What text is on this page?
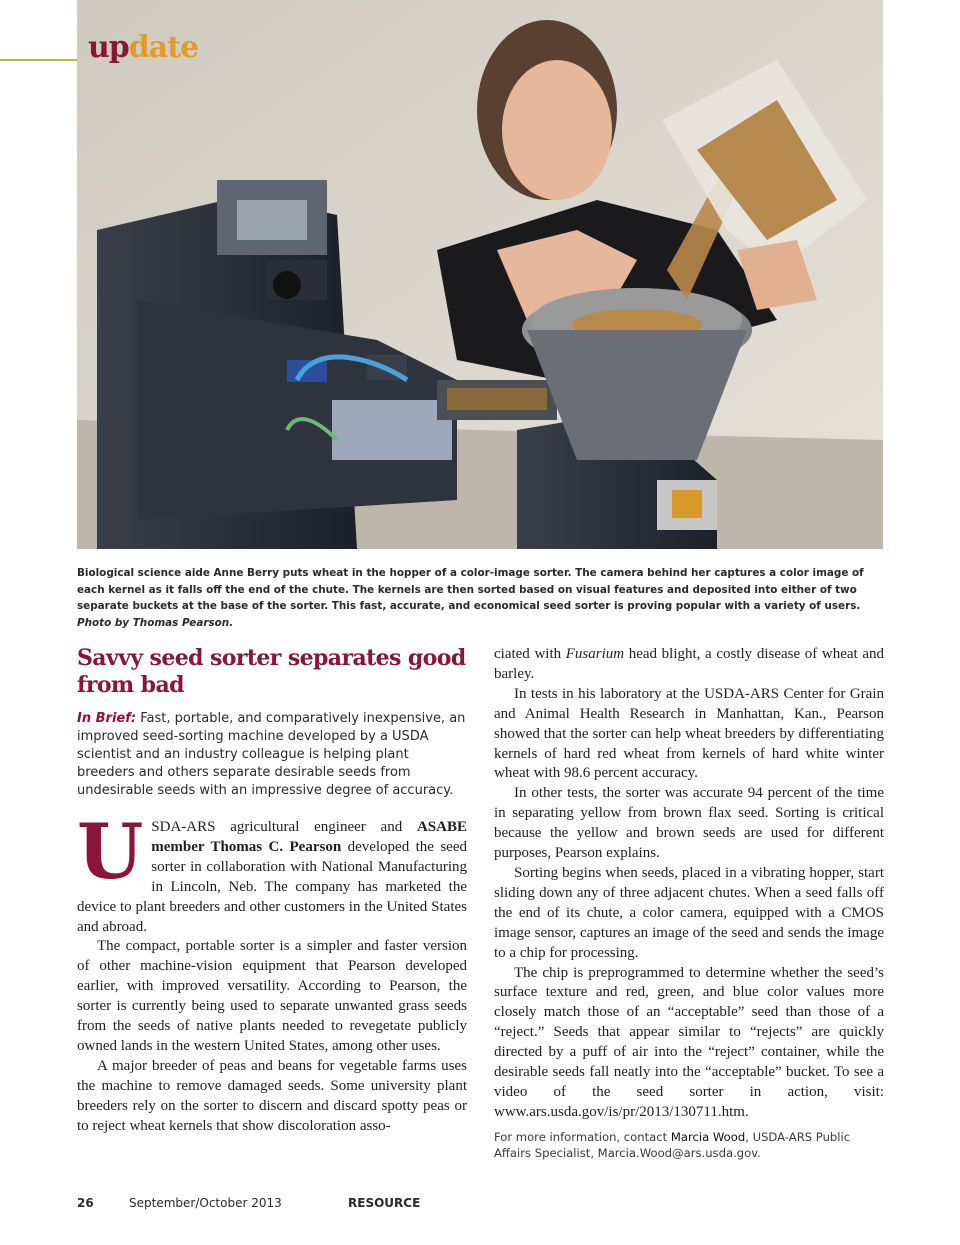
update
Biological science aide Anne Berry puts wheat in the hopper of a color-image sorter. The camera behind her captures a color image of each kernel as it falls off the end of the chute. The kernels are then sorted based on visual features and deposited into either of two separate buckets at the base of the sorter. This fast, accurate, and economical seed sorter is proving popular with a variety of users. Photo by Thomas Pearson.
Savvy seed sorter separates good from bad

In Brief: Fast, portable, and comparatively inexpensive, an improved seed-sorting machine developed by a USDA scientist and an industry colleague is helping plant breeders and others separate desirable seeds from undesirable seeds with an impressive degree of accuracy.

USDA-ARS agricultural engineer and ASABE member Thomas C. Pearson developed the seed sorter in collaboration with National Manufacturing in Lincoln, Neb. The company has marketed the device to plant breeders and other customers in the United States and abroad.

The compact, portable sorter is a simpler and faster version of other machine-vision equipment that Pearson developed earlier, with improved versatility. According to Pearson, the sorter is currently being used to separate unwanted grass seeds from the seeds of native plants needed to revegetate publicly owned lands in the western United States, among other uses.

A major breeder of peas and beans for vegetable farms uses the machine to remove damaged seeds. Some university plant breeders rely on the sorter to discern and discard spotty peas or to reject wheat kernels that show discoloration asso-

ciated with Fusarium head blight, a costly disease of wheat and barley.

In tests in his laboratory at the USDA-ARS Center for Grain and Animal Health Research in Manhattan, Kan., Pearson showed that the sorter can help wheat breeders by differentiating kernels of hard red wheat from kernels of hard white winter wheat with 98.6 percent accuracy.

In other tests, the sorter was accurate 94 percent of the time in separating yellow from brown flax seed. Sorting is critical because the yellow and brown seeds are used for different purposes, Pearson explains.

Sorting begins when seeds, placed in a vibrating hopper, start sliding down any of three adjacent chutes. When a seed falls off the end of its chute, a color camera, equipped with a CMOS image sensor, captures an image of the seed and sends the image to a chip for processing.

The chip is preprogrammed to determine whether the seed’s surface texture and red, green, and blue color values more closely match those of an “acceptable” seed than those of a “reject.” Seeds that appear similar to “rejects” are quickly directed by a puff of air into the “reject” container, while the desirable seeds fall neatly into the “acceptable” bucket. To see a video of the seed sorter in action, visit: www.ars.usda.gov/is/pr/2013/130711.htm.

For more information, contact Marcia Wood, USDA-ARS Public Affairs Specialist, Marcia.Wood@ars.usda.gov.

26	September/October 2013	RESOURCE
